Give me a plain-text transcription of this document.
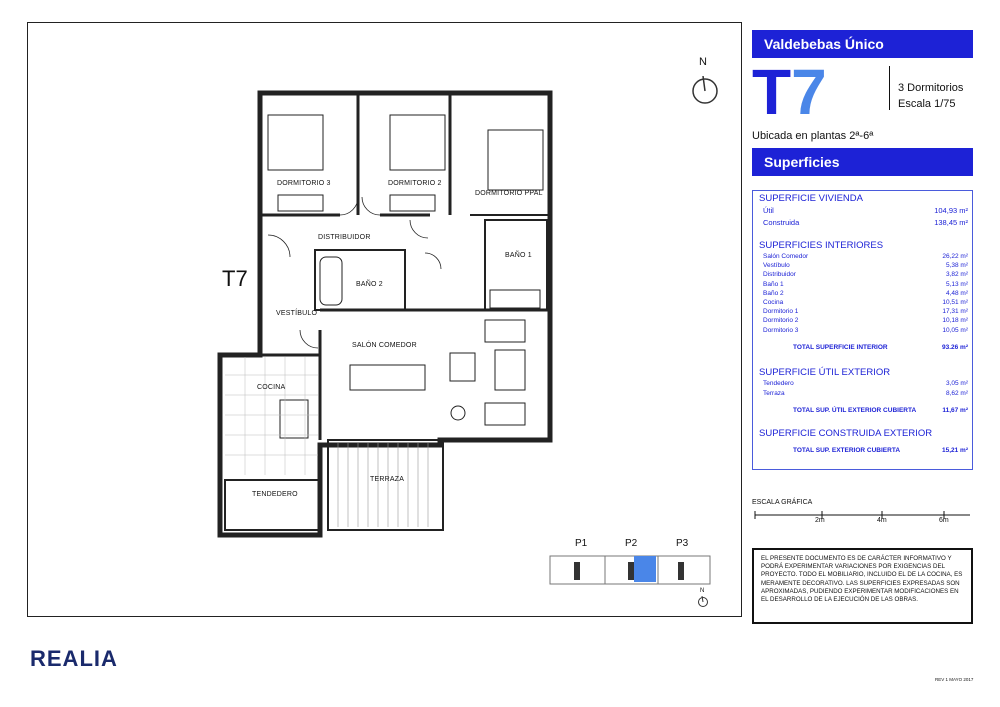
N
T7
DORMITORIO 3	DORMITORIO 2
DORMITORIO PPAL
DISTRIBUIDOR
BAÑO 1
BAÑO 2
VESTÍBULO
SALÓN COMEDOR
COCINA
TERRAZA
TENDEDERO
P1	P2	P3
N
Valdebebas Único
T7	3 Dormitorios
Escala 1/75
Ubicada en plantas 2ª-6ª
Superficies
SUPERFICIE VIVIENDA
Útil	104,93 m²
Construida	138,45 m²
SUPERFICIES INTERIORES
Salón Comedor	26,22 m²
Vestíbulo	5,38 m²
Distribuidor	3,82 m²
Baño 1	5,13 m²
Baño 2	4,48 m²
Cocina	10,51 m²
Dormitorio 1	17,31 m²
Dormitorio 2	10,18 m²
Dormitorio 3	10,05 m²
TOTAL SUPERFICIE INTERIOR	93.26 m²
SUPERFICIE ÚTIL EXTERIOR
Tendedero	3,05 m²
Terraza	8,62 m²
TOTAL SUP. ÚTIL EXTERIOR CUBIERTA	11,67 m²
SUPERFICIE CONSTRUIDA EXTERIOR
TOTAL SUP. EXTERIOR CUBIERTA	15,21 m²
ESCALA GRÁFICA
2m	4m	6m
EL PRESENTE DOCUMENTO ES DE CARÁCTER INFORMATIVO Y PODRÁ EXPERIMENTAR VARIACIONES POR EXIGENCIAS DEL PROYECTO. TODO EL MOBILIARIO, INCLUIDO EL DE LA COCINA, ES MERAMENTE DECORATIVO. LAS SUPERFICIES EXPRESADAS SON APROXIMADAS, PUDIENDO EXPERIMENTAR MODIFICACIONES EN EL DESARROLLO DE LA EJECUCIÓN DE LAS OBRAS.
REALIA
REV 1 MAYO 2017
